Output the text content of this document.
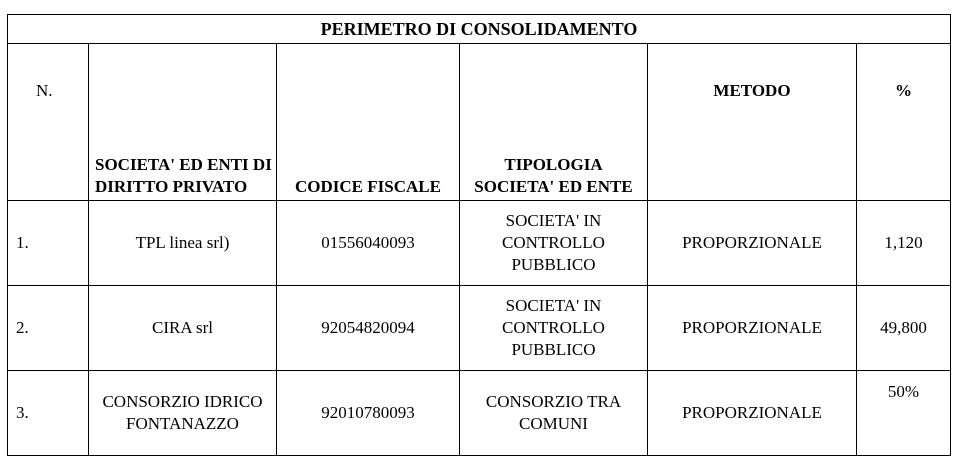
PERIMETRO DI CONSOLIDAMENTO					
N.	SOCIETA' ED ENTI DI DIRITTO PRIVATO	CODICE FISCALE	TIPOLOGIA SOCIETA' ED ENTE	METODO	%
1.	TPL linea srl)	01556040093	SOCIETA' IN CONTROLLO PUBBLICO	PROPORZIONALE	1,120
2.	CIRA srl	92054820094	SOCIETA' IN CONTROLLO PUBBLICO	PROPORZIONALE	49,800
3.	CONSORZIO IDRICO FONTANAZZO	92010780093	CONSORZIO TRA COMUNI	PROPORZIONALE	50%
